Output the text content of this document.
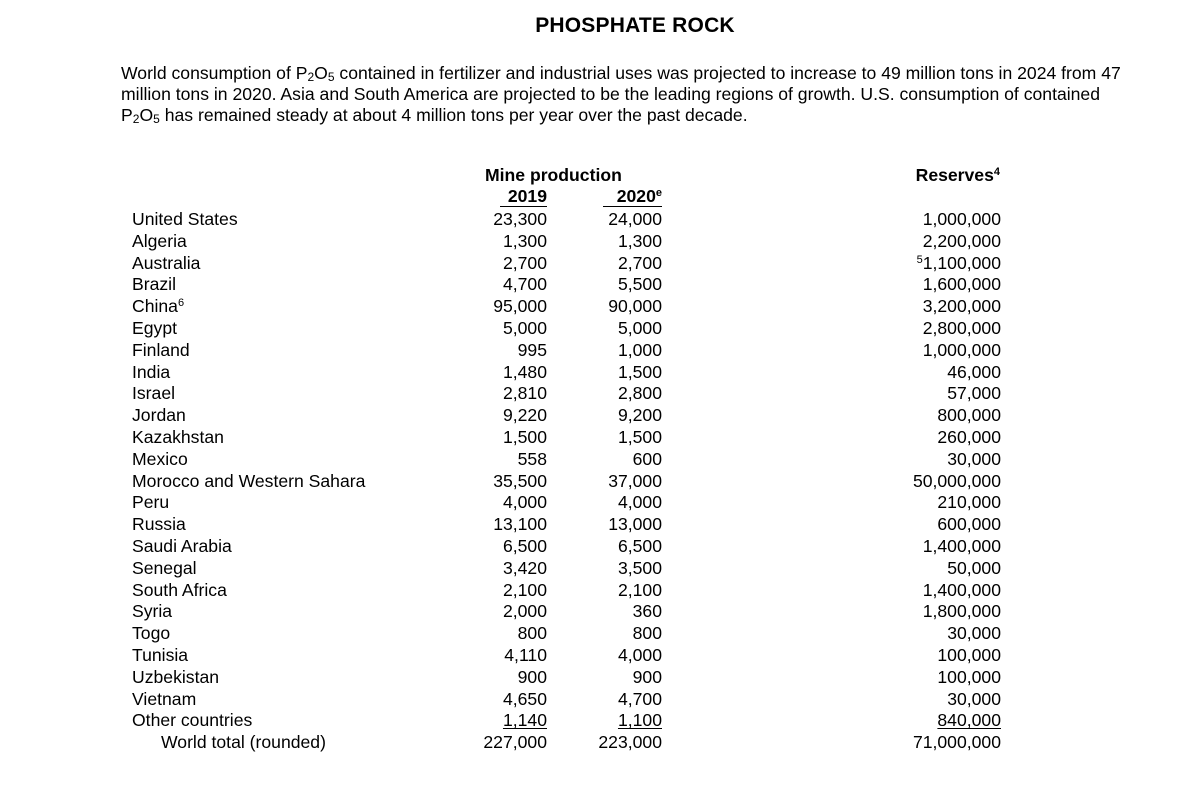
PHOSPHATE ROCK
World consumption of $P_2O_5$ contained in fertilizer and industrial uses was projected to increase to 49 million tons in 2024 from 47 million tons in 2020. Asia and South America are projected to be the leading regions of growth. U.S. consumption of contained $P_2O_5$ has remained steady at about 4 million tons per year over the past decade.
Mine production
2019	2020e
Reserves$^4$
United States	23,300	24,000	1,000,000
Algeria	1,300	1,300	2,200,000
Australia	2,700	2,700	$^5$1,100,000
Brazil	4,700	5,500	1,600,000
China$^6$	95,000	90,000	3,200,000
Egypt	5,000	5,000	2,800,000
Finland	995	1,000	1,000,000
India	1,480	1,500	46,000
Israel	2,810	2,800	57,000
Jordan	9,220	9,200	800,000
Kazakhstan	1,500	1,500	260,000
Mexico	558	600	30,000
Morocco and Western Sahara	35,500	37,000	50,000,000
Peru	4,000	4,000	210,000
Russia	13,100	13,000	600,000
Saudi Arabia	6,500	6,500	1,400,000
Senegal	3,420	3,500	50,000
South Africa	2,100	2,100	1,400,000
Syria	2,000	360	1,800,000
Togo	800	800	30,000
Tunisia	4,110	4,000	100,000
Uzbekistan	900	900	100,000
Vietnam	4,650	4,700	30,000
Other countries	1,140	1,100	840,000
World total (rounded)	227,000	223,000	71,000,000
